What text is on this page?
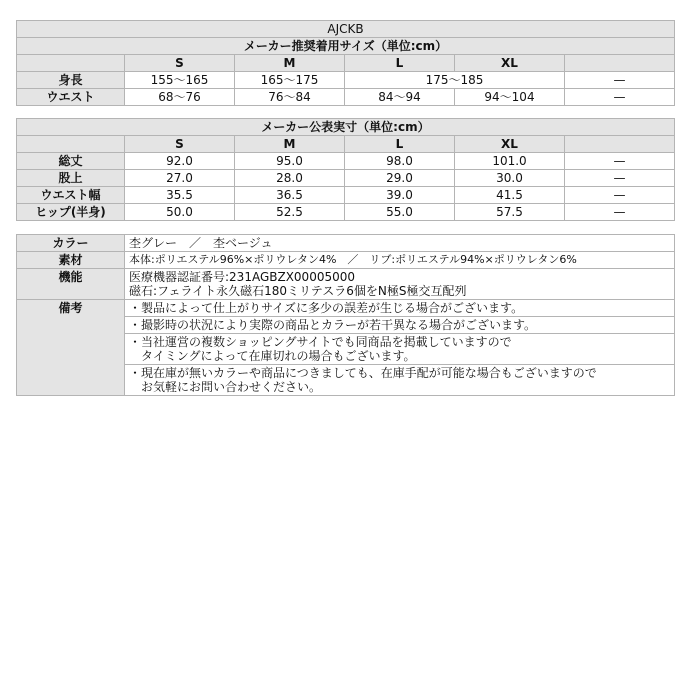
AJCKB					
メーカー推奨着用サイズ（単位:cm）					
	S	M	L	XL	
身長	155〜165	165〜175	175〜185		—
ウエスト	68〜76	76〜84	84〜94	94〜104	—
メーカー公表実寸（単位:cm）					
	S	M	L	XL	
総丈	92.0	95.0	98.0	101.0	—
股上	27.0	28.0	29.0	30.0	—
ウエスト幅	35.5	36.5	39.0	41.5	—
ヒップ(半身)	50.0	52.5	55.0	57.5	—
カラー	杢グレー　／　杢ベージュ
素材	本体:ポリエステル96%×ポリウレタン4%　／　リブ:ポリエステル94%×ポリウレタン6%
機能	医療機器認証番号:231AGBZX00005000
磁石:フェライト永久磁石180ミリテスラ6個をN極S極交互配列

備考	・製品によって仕上がりサイズに多少の誤差が生じる場合がございます。

	・撮影時の状況により実際の商品とカラーが若干異なる場合がございます。

	・当社運営の複数ショッピングサイトでも同商品を掲載していますので
　タイミングによって在庫切れの場合もございます。

	・現在庫が無いカラーや商品につきましても、在庫手配が可能な場合もございますので
　お気軽にお問い合わせください。
